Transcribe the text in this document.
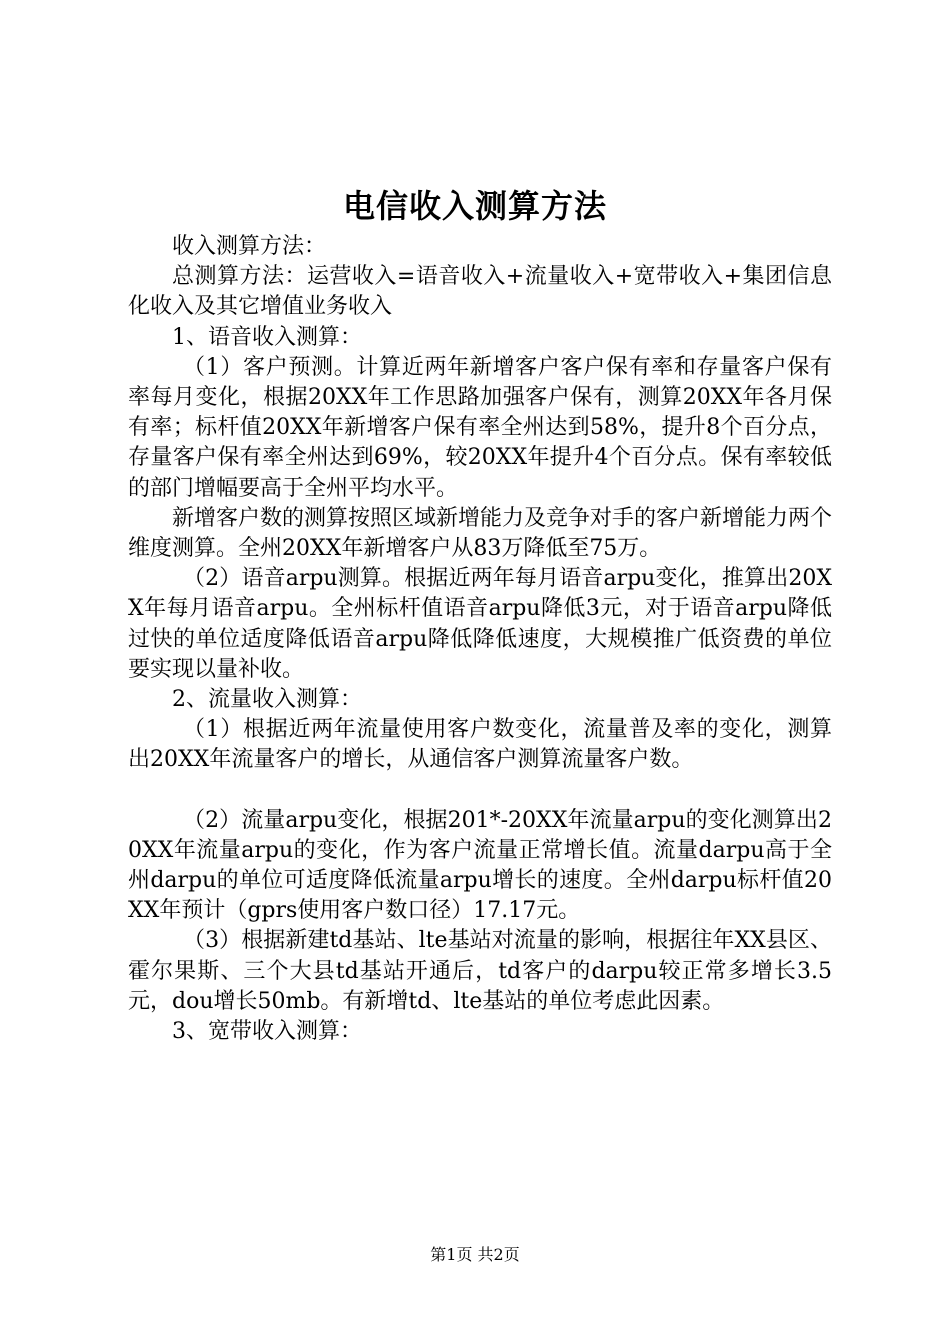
电信收入测算方法

收入测算方法：

总测算方法：运营收入=语音收入+流量收入+宽带收入+集团信息化收入及其它增值业务收入

1、语音收入测算：

（1）客户预测。计算近两年新增客户客户保有率和存量客户保有率每月变化，根据20XX年工作思路加强客户保有，测算20XX年各月保有率；标杆值20XX年新增客户保有率全州达到58%，提升8个百分点，存量客户保有率全州达到69%，较20XX年提升4个百分点。保有率较低的部门增幅要高于全州平均水平。

新增客户数的测算按照区域新增能力及竞争对手的客户新增能力两个维度测算。全州20XX年新增客户从83万降低至75万。

（2）语音arpu测算。根据近两年每月语音arpu变化，推算出20XX年每月语音arpu。全州标杆值语音arpu降低3元，对于语音arpu降低过快的单位适度降低语音arpu降低降低速度，大规模推广低资费的单位要实现以量补收。

2、流量收入测算：

（1）根据近两年流量使用客户数变化，流量普及率的变化，测算出20XX年流量客户的增长，从通信客户测算流量客户数。

（2）流量arpu变化，根据201*-20XX年流量arpu的变化测算出20XX年流量arpu的变化，作为客户流量正常增长值。流量darpu高于全州darpu的单位可适度降低流量arpu增长的速度。全州darpu标杆值20XX年预计（gprs使用客户数口径）17.17元。

（3）根据新建td基站、lte基站对流量的影响，根据往年XX县区、霍尔果斯、三个大县td基站开通后，td客户的darpu较正常多增长3.5元，dou增长50mb。有新增td、lte基站的单位考虑此因素。

3、宽带收入测算：

第1页 共2页
